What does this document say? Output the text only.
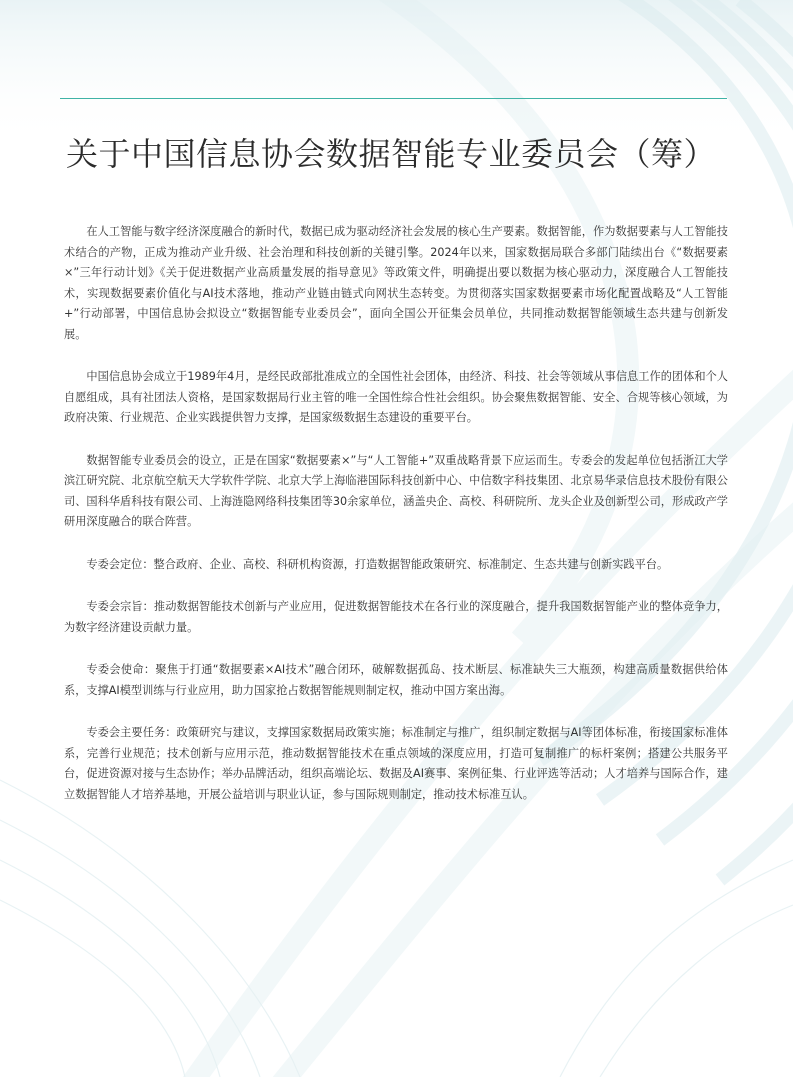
关于中国信息协会数据智能专业委员会（筹）

在人工智能与数字经济深度融合的新时代，数据已成为驱动经济社会发展的核心生产要素。数据智能，作为数据要素与人工智能技术结合的产物，正成为推动产业升级、社会治理和科技创新的关键引擎。2024年以来，国家数据局联合多部门陆续出台《“数据要素×”三年行动计划》《关于促进数据产业高质量发展的指导意见》等政策文件，明确提出要以数据为核心驱动力，深度融合人工智能技术，实现数据要素价值化与AI技术落地，推动产业链由链式向网状生态转变。为贯彻落实国家数据要素市场化配置战略及“人工智能+”行动部署，中国信息协会拟设立“数据智能专业委员会”，面向全国公开征集会员单位，共同推动数据智能领域生态共建与创新发展。

中国信息协会成立于1989年4月，是经民政部批准成立的全国性社会团体，由经济、科技、社会等领域从事信息工作的团体和个人自愿组成，具有社团法人资格，是国家数据局行业主管的唯一全国性综合性社会组织。协会聚焦数据智能、安全、合规等核心领域，为政府决策、行业规范、企业实践提供智力支撑，是国家级数据生态建设的重要平台。

数据智能专业委员会的设立，正是在国家“数据要素×”与“人工智能+”双重战略背景下应运而生。专委会的发起单位包括浙江大学滨江研究院、北京航空航天大学软件学院、北京大学上海临港国际科技创新中心、中信数字科技集团、北京易华录信息技术股份有限公司、国科华盾科技有限公司、上海涟隐网络科技集团等30余家单位，涵盖央企、高校、科研院所、龙头企业及创新型公司，形成政产学研用深度融合的联合阵营。

专委会定位：整合政府、企业、高校、科研机构资源，打造数据智能政策研究、标准制定、生态共建与创新实践平台。

专委会宗旨：推动数据智能技术创新与产业应用，促进数据智能技术在各行业的深度融合，提升我国数据智能产业的整体竞争力，为数字经济建设贡献力量。

专委会使命：聚焦于打通“数据要素×AI技术”融合闭环，破解数据孤岛、技术断层、标准缺失三大瓶颈，构建高质量数据供给体系，支撑AI模型训练与行业应用，助力国家抢占数据智能规则制定权，推动中国方案出海。

专委会主要任务：政策研究与建议，支撑国家数据局政策实施；标准制定与推广，组织制定数据与AI等团体标准，衔接国家标准体系，完善行业规范；技术创新与应用示范，推动数据智能技术在重点领域的深度应用，打造可复制推广的标杆案例；搭建公共服务平台，促进资源对接与生态协作；举办品牌活动，组织高端论坛、数据及AI赛事、案例征集、行业评选等活动；人才培养与国际合作，建立数据智能人才培养基地，开展公益培训与职业认证，参与国际规则制定，推动技术标准互认。
